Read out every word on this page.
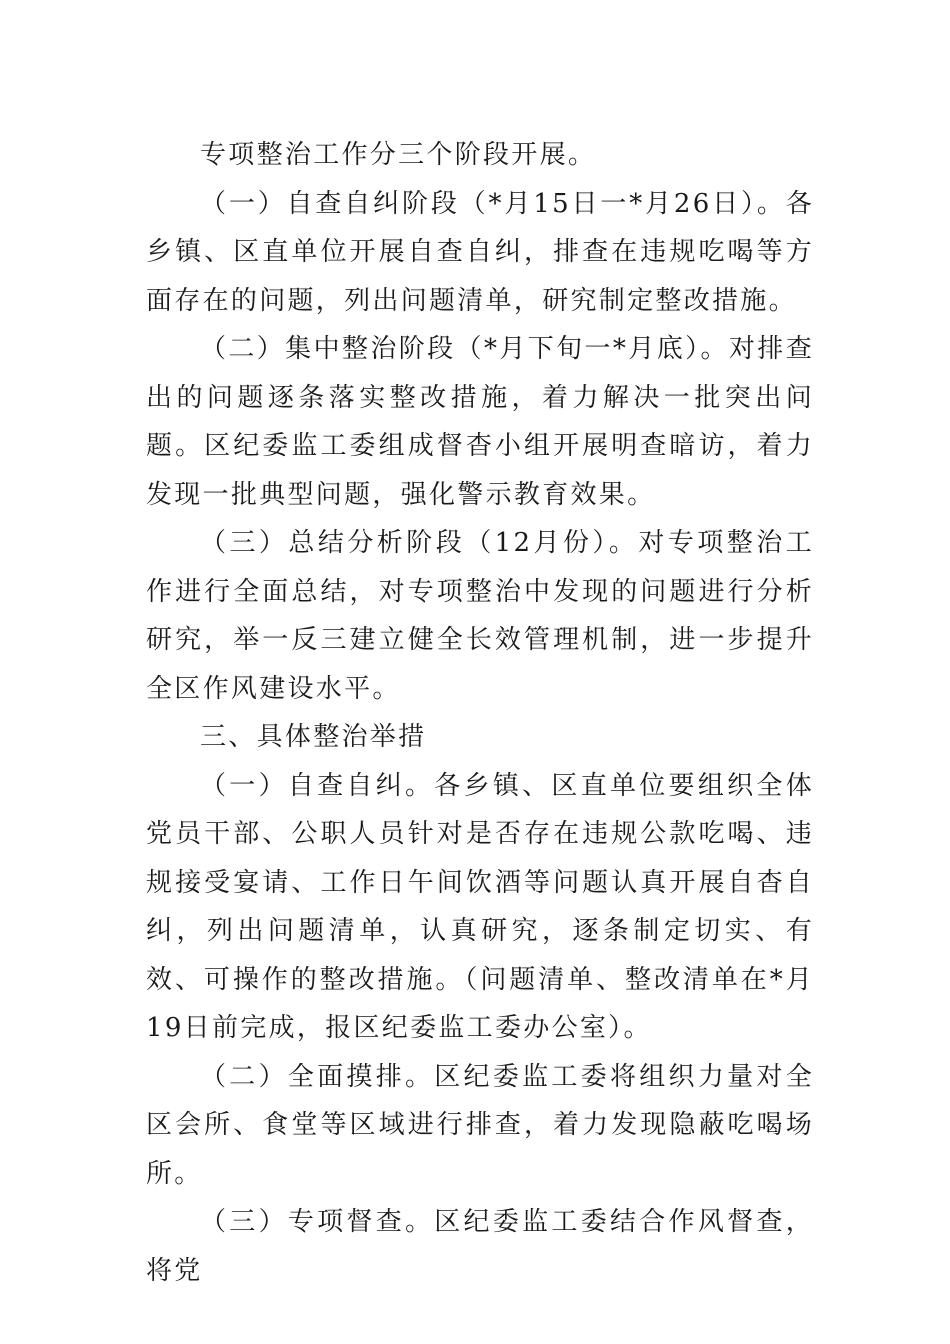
专项整治工作分三个阶段开展。

（一）自查自纠阶段（*月15日一*月26日）。各乡镇、区直单位开展自查自纠，排查在违规吃喝等方面存在的问题，列出问题清单，研究制定整改措施。

（二）集中整治阶段（*月下旬一*月底）。对排查出的问题逐条落实整改措施，着力解决一批突出问题。区纪委监工委组成督杳小组开展明查暗访，着力发现一批典型问题，强化警示教育效果。

（三）总结分析阶段（12月份）。对专项整治工作进行全面总结，对专项整治中发现的问题进行分析研究，举一反三建立健全长效管理机制，进一步提升全区作风建设水平。

三、具体整治举措

（一）自查自纠。各乡镇、区直单位要组织全体党员干部、公职人员针对是否存在违规公款吃喝、违规接受宴请、工作日午间饮酒等问题认真开展自杳自纠，列出问题清单，认真研究，逐条制定切实、有效、可操作的整改措施。（问题清单、整改清单在*月19日前完成，报区纪委监工委办公室）。

（二）全面摸排。区纪委监工委将组织力量对全区会所、食堂等区域进行排查，着力发现隐蔽吃喝场所。

（三）专项督查。区纪委监工委结合作风督查，将党
